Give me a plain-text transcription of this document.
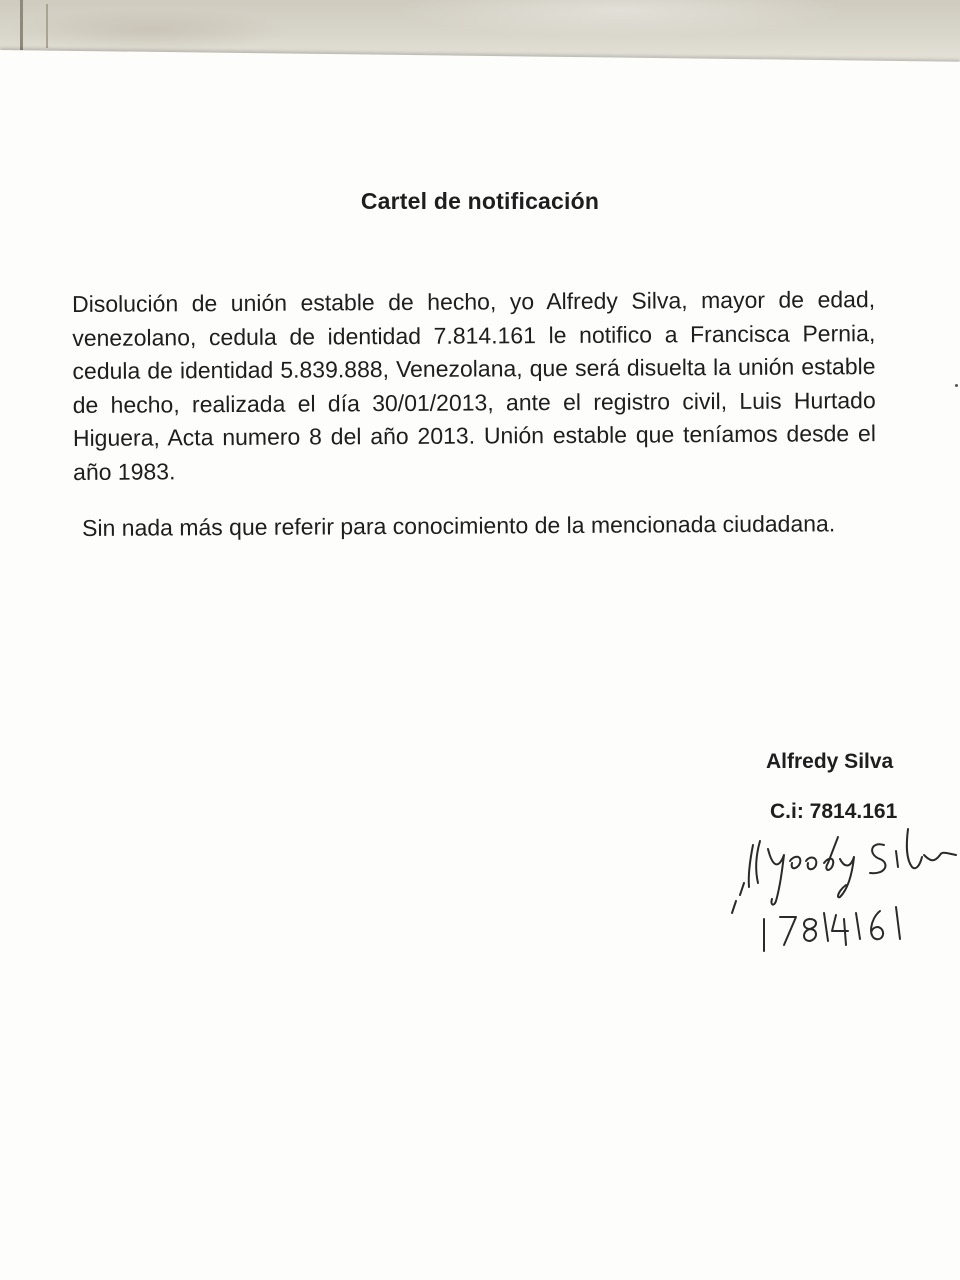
Cartel de notificación
Disolución de unión estable de hecho, yo Alfredy Silva, mayor de edad, venezolano, cedula de identidad 7.814.161 le notifico a Francisca Pernia, cedula de identidad 5.839.888, Venezolana, que será disuelta la unión estable de hecho, realizada el día 30/01/2013, ante el registro civil, Luis Hurtado Higuera, Acta numero 8 del año 2013. Unión estable que teníamos desde el año 1983.
Sin nada más que referir para conocimiento de la mencionada ciudadana.
Alfredy Silva
C.i: 7814.161
